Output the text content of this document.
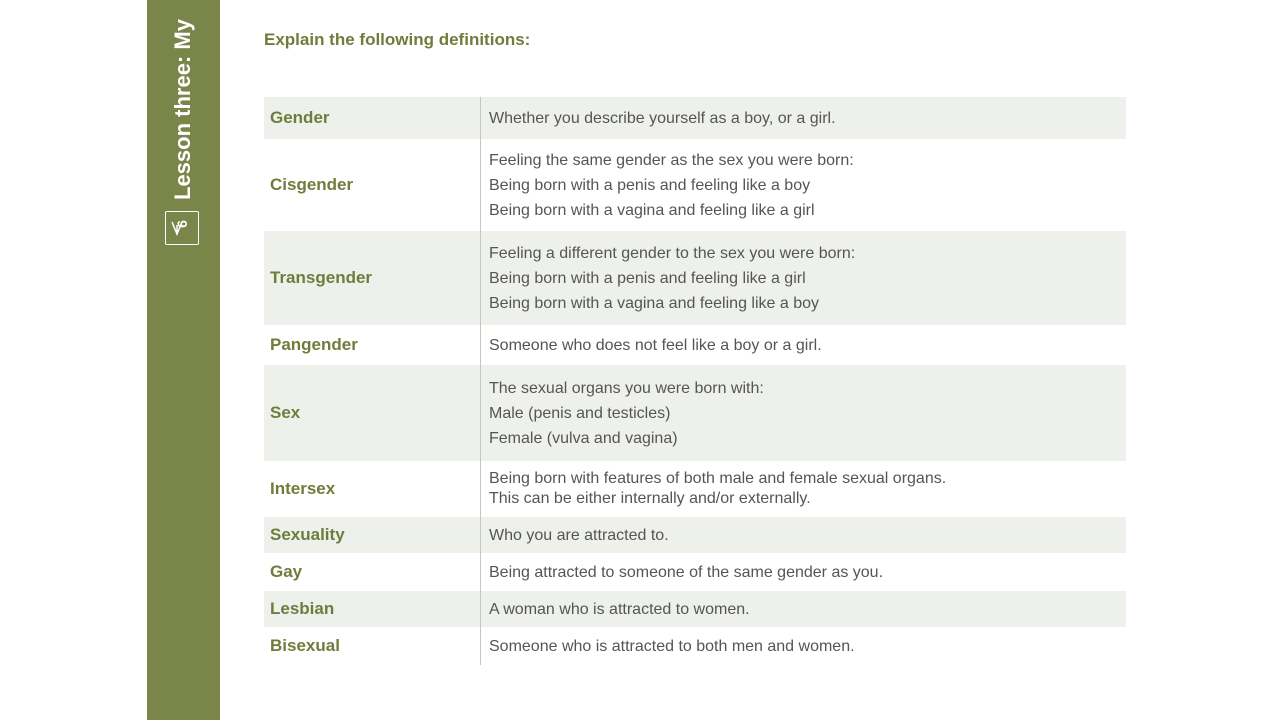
Lesson three: My
6
Explain the following definitions:
Gender	Whether you describe yourself as a boy, or a girl.

Cisgender	Feeling the same gender as the sex you were born:
Being born with a penis and feeling like a boy
Being born with a vagina and feeling like a girl

Transgender	Feeling a different gender to the sex you were born:
Being born with a penis and feeling like a girl
Being born with a vagina and feeling like a boy

Pangender	Someone who does not feel like a boy or a girl.

Sex	The sexual organs you were born with:
Male (penis and testicles)
Female (vulva and vagina)

Intersex	Being born with features of both male and female sexual organs.
This can be either internally and/or externally.

Sexuality	Who you are attracted to.

Gay	Being attracted to someone of the same gender as you.

Lesbian	A woman who is attracted to women.

Bisexual	Someone who is attracted to both men and women.
